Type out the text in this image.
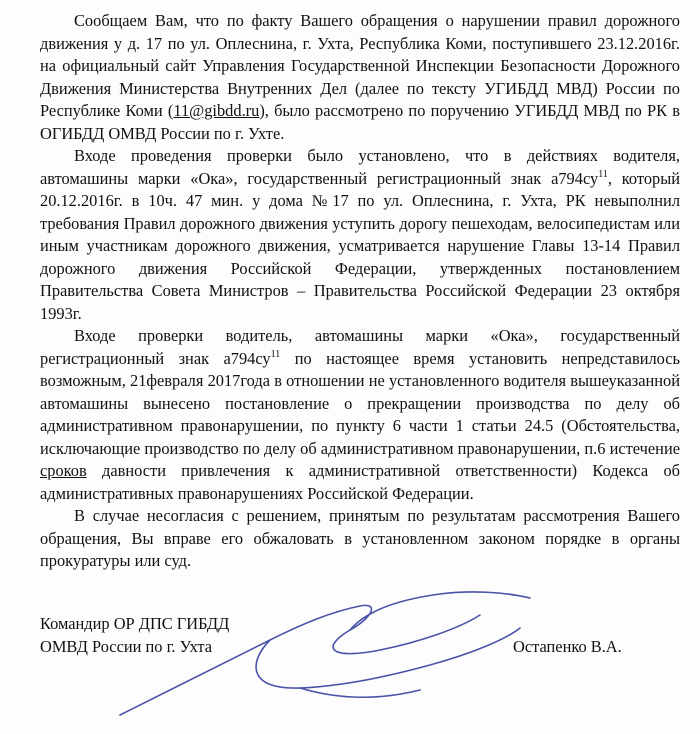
Сообщаем Вам, что по факту Вашего обращения о нарушении правил дорожного движения у д. 17 по ул. Оплеснина, г. Ухта, Республика Коми, поступившего 23.12.2016г. на официальный сайт Управления Государственной Инспекции Безопасности Дорожного Движения Министерства Внутренних Дел (далее по тексту УГИБДД МВД) России по Республике Коми (11@gibdd.ru), было рассмотрено по поручению УГИБДД МВД по РК в ОГИБДД ОМВД России по г. Ухте.

Входе проведения проверки было установлено, что в действиях водителя, автомашины марки «Ока», государственный регистрационный знак $а794су^{11}$, который 20.12.2016г. в 10ч. 47 мин. у дома №17 по ул. Оплеснина, г. Ухта, РК невыполнил требования Правил дорожного движения уступить дорогу пешеходам, велосипедистам или иным участникам дорожного движения, усматривается нарушение Главы 13-14 Правил дорожного движения Российской Федерации, утвержденных постановлением Правительства Совета Министров – Правительства Российской Федерации 23 октября 1993г.

Входе проверки водитель, автомашины марки «Ока», государственный регистрационный знак $а794су^{11}$ по настоящее время установить непредставилось возможным, 21февраля 2017года в отношении не установленного водителя вышеуказанной автомашины вынесено постановление о прекращении производства по делу об административном правонарушении, по пункту 6 части 1 статьи 24.5 (Обстоятельства, исключающие производство по делу об административном правонарушении, п.6 истечение сроков давности привлечения к административной ответственности) Кодекса об административных правонарушениях Российской Федерации.

В случае несогласия с решением, принятым по результатам рассмотрения Вашего обращения, Вы вправе его обжаловать в установленном законом порядке в органы прокуратуры или суд.

Командир ОР ДПС ГИБДД
ОМВД России по г. Ухта	Остапенко В.А.
